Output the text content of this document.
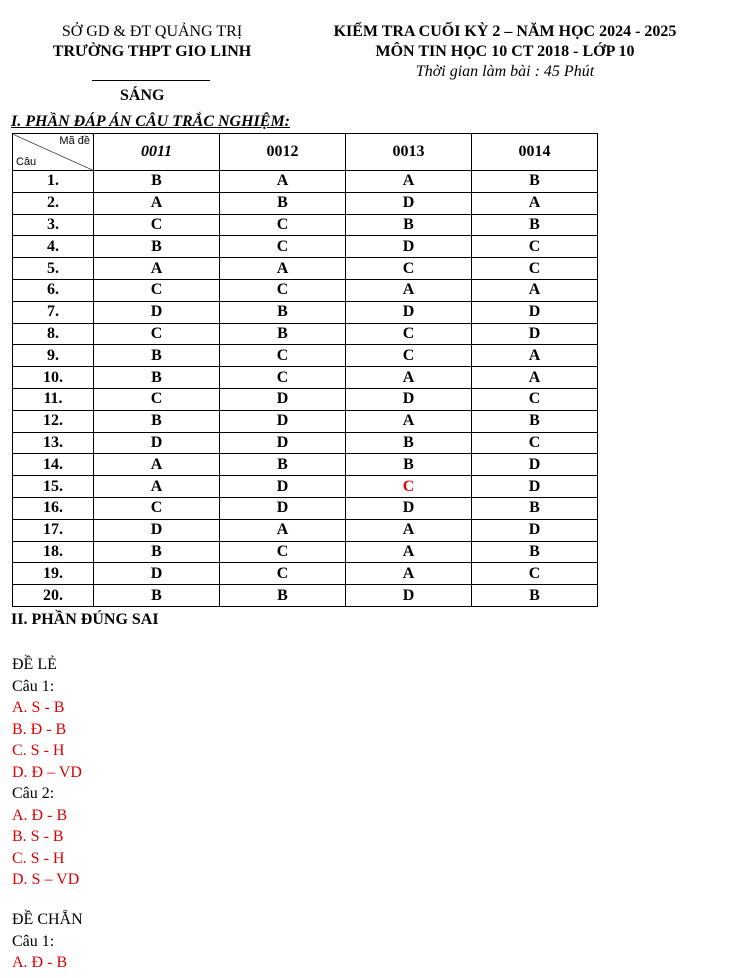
SỞ GD & ĐT QUẢNG TRỊ
TRƯỜNG THPT GIO LINH
SÁNG
KIỂM TRA CUỐI KỲ 2 – NĂM HỌC 2024 - 2025
MÔN TIN HỌC 10 CT 2018 - LỚP 10
Thời gian làm bài : 45 Phút
I. PHẦN ĐÁP ÁN CÂU TRẮC NGHIỆM:
Mã đề
Câu	0011	0012	0013	0014
1.	B	A	A	B
2.	A	B	D	A
3.	C	C	B	B
4.	B	C	D	C
5.	A	A	C	C
6.	C	C	A	A
7.	D	B	D	D
8.	C	B	C	D
9.	B	C	C	A
10.	B	C	A	A
11.	C	D	D	C
12.	B	D	A	B
13.	D	D	B	C
14.	A	B	B	D
15.	A	D	C	D
16.	C	D	D	B
17.	D	A	A	D
18.	B	C	A	B
19.	D	C	A	C
20.	B	B	D	B
II. PHẦN ĐÚNG SAI
ĐỀ LẺ
Câu 1:
A. S - B
B. Đ - B
C. S - H
D. Đ – VD
Câu 2:
A. Đ - B
B. S - B
C. S - H
D. S – VD
ĐỀ CHẴN
Câu 1:
A. Đ - B
